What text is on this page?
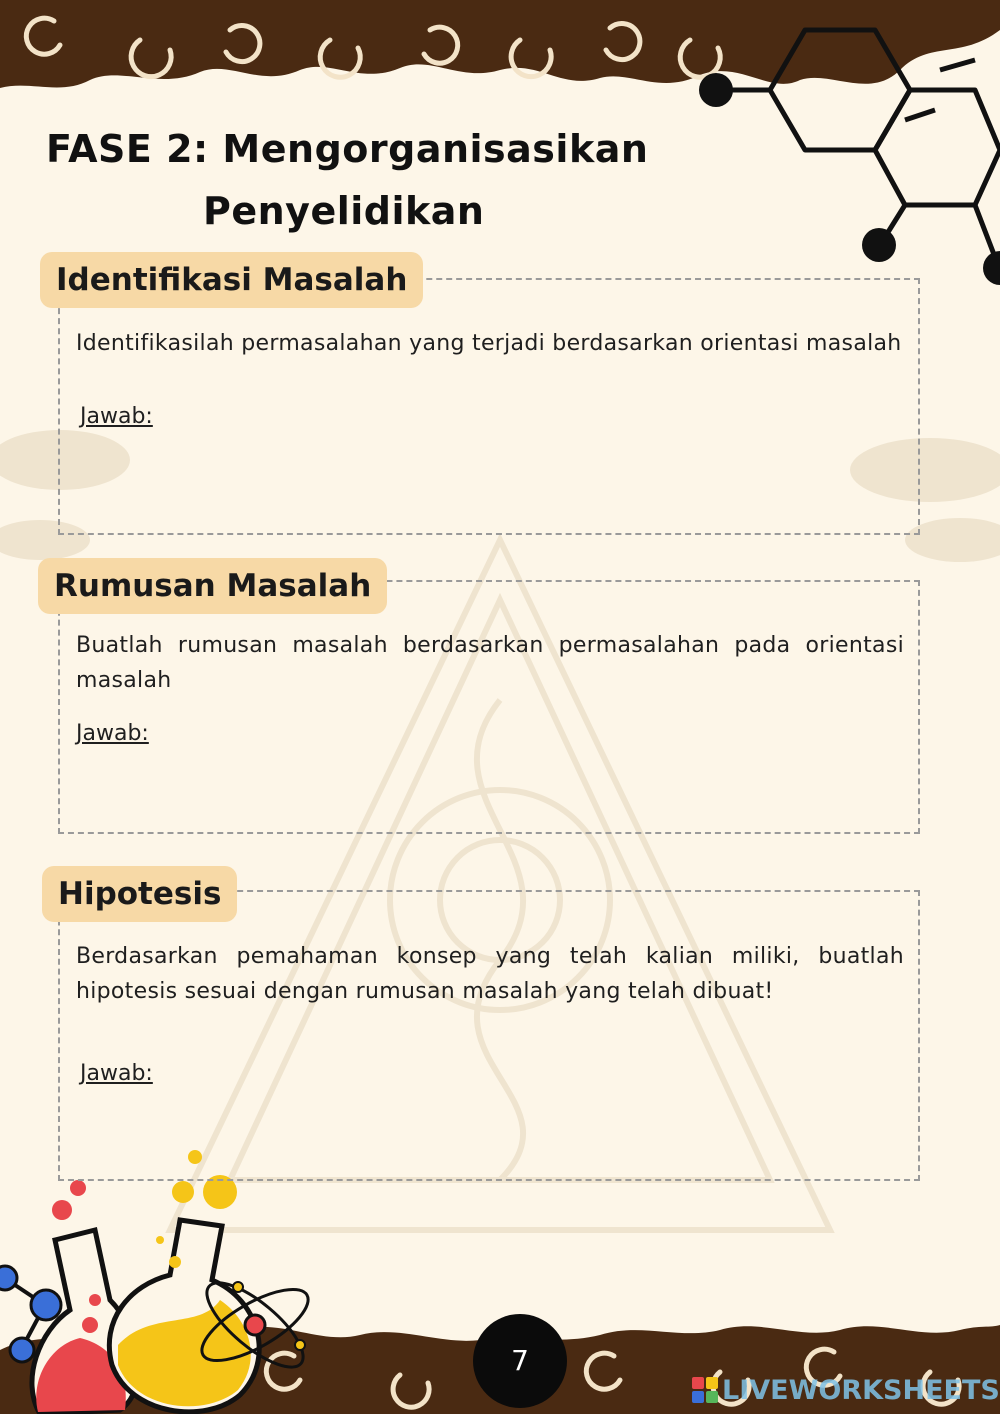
FASE 2: Mengorganisasikan
Penyelidikan
Identifikasi Masalah
Identifikasilah permasalahan yang terjadi berdasarkan orientasi masalah
Jawab:
Rumusan Masalah
Buatlah rumusan masalah berdasarkan permasalahan pada orientasi masalah
Jawab:
Hipotesis
Berdasarkan pemahaman konsep yang telah kalian miliki, buatlah hipotesis sesuai dengan rumusan masalah yang telah dibuat!
Jawab:
7
LIVEWORKSHEETS
